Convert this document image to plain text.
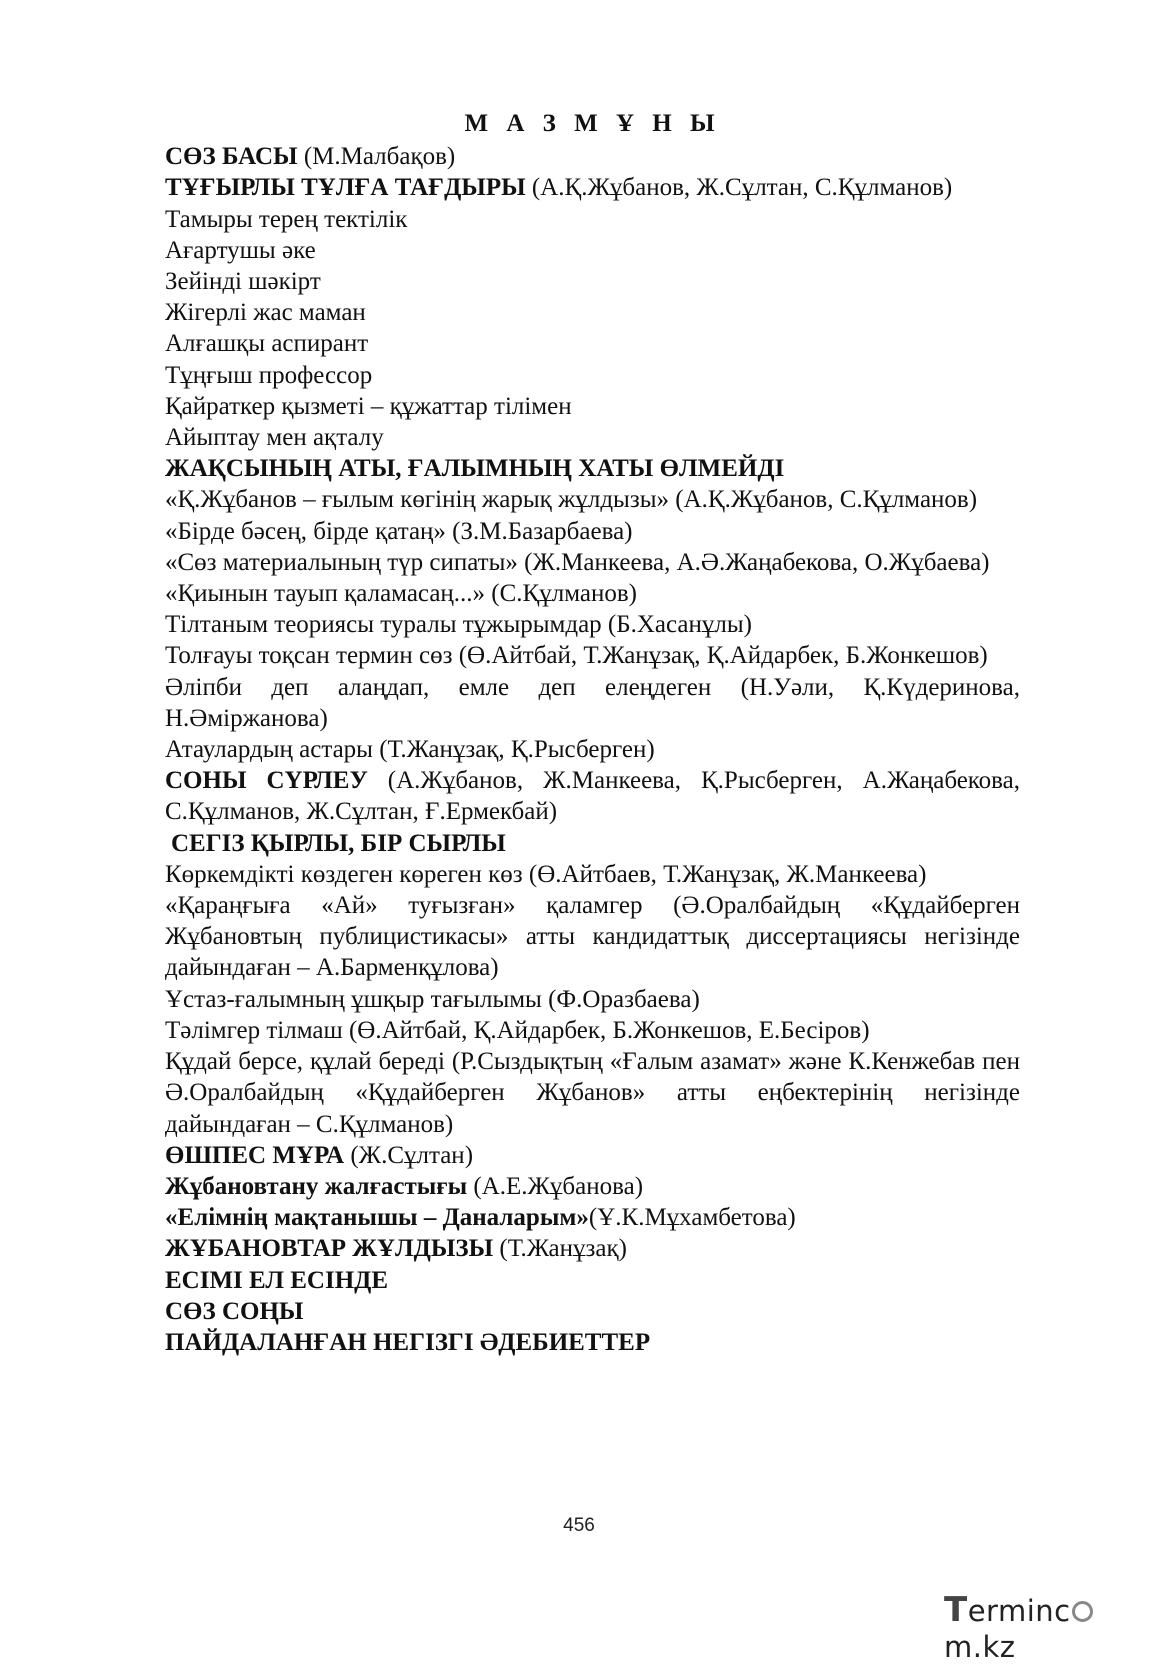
М А З М Ұ Н Ы
СӨЗ БАСЫ (М.Малбақов)
ТҰҒЫРЛЫ ТҰЛҒА ТАҒДЫРЫ (А.Қ.Жұбанов, Ж.Сұлтан, С.Құлманов)
Тамыры терең тектілік
Ағартушы әке
Зейінді шәкірт
Жігерлі жас маман
Алғашқы аспирант
Тұңғыш профессор
Қайраткер қызметі – құжаттар тілімен
Айыптау мен ақталу
ЖАҚСЫНЫҢ АТЫ, ҒАЛЫМНЫҢ ХАТЫ ӨЛМЕЙДІ
«Қ.Жұбанов – ғылым көгінің жарық жұлдызы» (А.Қ.Жұбанов, С.Құлманов)
«Бірде бәсең, бірде қатаң» (З.М.Базарбаева)
«Сөз материалының түр сипаты» (Ж.Манкеева, А.Ә.Жаңабекова, О.Жұбаева)
«Қиынын тауып қаламасаң...» (С.Құлманов)
Тілтаным теориясы туралы тұжырымдар (Б.Хасанұлы)
Толғауы тоқсан термин сөз (Ө.Айтбай, Т.Жанұзақ, Қ.Айдарбек, Б.Жонкешов)
Әліпби деп алаңдап, емле деп елеңдеген (Н.Уәли, Қ.Күдеринова, Н.Әміржанова)
Атаулардың астары (Т.Жанұзақ, Қ.Рысберген)
СОНЫ СҮРЛЕУ (А.Жұбанов, Ж.Манкеева, Қ.Рысберген, А.Жаңабекова, С.Құлманов, Ж.Сұлтан, Ғ.Ермекбай)
СЕГІЗ ҚЫРЛЫ, БІР СЫРЛЫ
Көркемдікті көздеген көреген көз (Ө.Айтбаев, Т.Жанұзақ, Ж.Манкеева)
«Қараңғыға «Ай» туғызған» қаламгер (Ә.Оралбайдың «Құдайберген Жұбановтың публицистикасы» атты кандидаттық диссертациясы негізінде дайындаған – А.Барменқұлова)
Ұстаз-ғалымның ұшқыр тағылымы (Ф.Оразбаева)
Тәлімгер тілмаш (Ө.Айтбай, Қ.Айдарбек, Б.Жонкешов, Е.Бесіров)
Құдай берсе, құлай береді (Р.Сыздықтың «Ғалым азамат» және К.Кенжебав пен Ә.Оралбайдың «Құдайберген Жұбанов» атты еңбектерінің негізінде дайындаған – С.Құлманов)
ӨШПЕС МҰРА (Ж.Сұлтан)
Жұбановтану жалғастығы (А.Е.Жұбанова)
«Елімнің мақтанышы – Даналарым»(Ұ.К.Мұхамбетова)
ЖҰБАНОВТАР ЖҰЛДЫЗЫ (Т.Жанұзақ)
ЕСІМІ ЕЛ ЕСІНДЕ
СӨЗ СОҢЫ
ПАЙДАЛАНҒАН НЕГІЗГІ ӘДЕБИЕТТЕР
456
Termincm.kz
